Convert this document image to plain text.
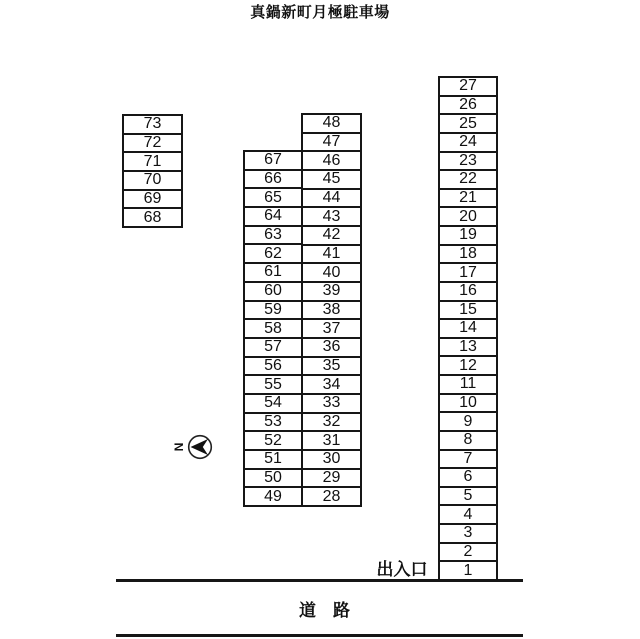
真鍋新町月極駐車場
73
72
71
70
69
68
67
66
65
64
63
62
61
60
59
58
57
56
55
54
53
52
51
50
49
48
47
46
45
44
43
42
41
40
39
38
37
36
35
34
33
32
31
30
29
28
27
26
25
24
23
22
21
20
19
18
17
16
15
14
13
12
11
10
9
8
7
6
5
4
3
2
1
N
出入口
道　路
